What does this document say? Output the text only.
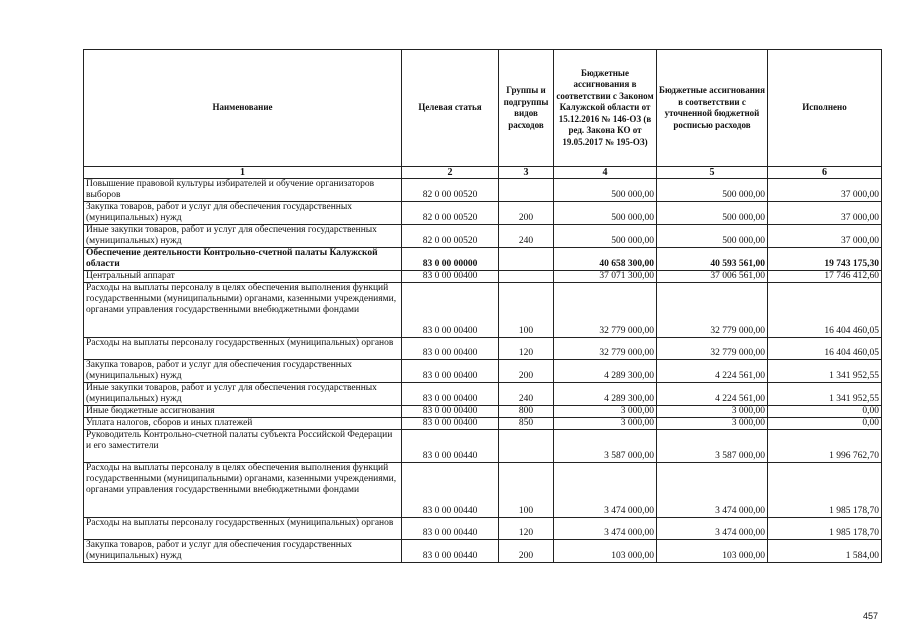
Наименование	Целевая статья	Группы и подгруппы видов расходов	Бюджетные ассигнования в соответствии с Законом Калужской области от 15.12.2016 № 146-ОЗ (в ред. Закона КО от 19.05.2017 № 195-ОЗ)	Бюджетные ассигнования в соответствии с уточненной бюджетной росписью расходов	Исполнено
1	2	3	4	5	6
Повышение правовой культуры избирателей и обучение организаторов выборов	82 0 00 00520		500 000,00	500 000,00	37 000,00
Закупка товаров, работ и услуг для обеспечения государственных (муниципальных) нужд	82 0 00 00520	200	500 000,00	500 000,00	37 000,00
Иные закупки товаров, работ и услуг для обеспечения государственных (муниципальных) нужд	82 0 00 00520	240	500 000,00	500 000,00	37 000,00
Обеспечение деятельности Контрольно-счетной палаты Калужской области	83 0 00 00000		40 658 300,00	40 593 561,00	19 743 175,30
Центральный аппарат	83 0 00 00400		37 071 300,00	37 006 561,00	17 746 412,60
Расходы на выплаты персоналу в целях обеспечения выполнения функций государственными (муниципальными) органами, казенными учреждениями, органами управления государственными внебюджетными фондами	83 0 00 00400	100	32 779 000,00	32 779 000,00	16 404 460,05
Расходы на выплаты персоналу государственных (муниципальных) органов	83 0 00 00400	120	32 779 000,00	32 779 000,00	16 404 460,05
Закупка товаров, работ и услуг для обеспечения государственных (муниципальных) нужд	83 0 00 00400	200	4 289 300,00	4 224 561,00	1 341 952,55
Иные закупки товаров, работ и услуг для обеспечения государственных (муниципальных) нужд	83 0 00 00400	240	4 289 300,00	4 224 561,00	1 341 952,55
Иные бюджетные ассигнования	83 0 00 00400	800	3 000,00	3 000,00	0,00
Уплата налогов, сборов и иных платежей	83 0 00 00400	850	3 000,00	3 000,00	0,00
Руководитель Контрольно-счетной палаты субъекта Российской Федерации и его заместители	83 0 00 00440		3 587 000,00	3 587 000,00	1 996 762,70
Расходы на выплаты персоналу в целях обеспечения выполнения функций государственными (муниципальными) органами, казенными учреждениями, органами управления государственными внебюджетными фондами	83 0 00 00440	100	3 474 000,00	3 474 000,00	1 985 178,70
Расходы на выплаты персоналу государственных (муниципальных) органов	83 0 00 00440	120	3 474 000,00	3 474 000,00	1 985 178,70
Закупка товаров, работ и услуг для обеспечения государственных (муниципальных) нужд	83 0 00 00440	200	103 000,00	103 000,00	1 584,00
457
